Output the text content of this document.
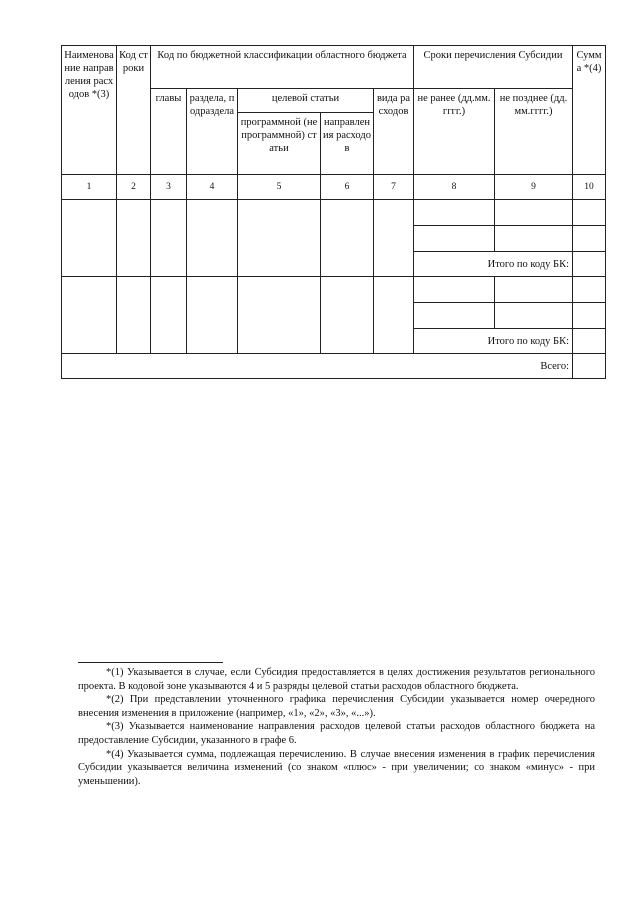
Наименование направления расходов *(3)	Код строки	Код по бюджетной классификации областного бюджета					Сроки перечисления Субсидии		Сумма *(4)
		главы	раздела, подраздела	целевой статьи		вида расходов	не ранее (дд.мм.гггг.)	не позднее (дд.мм.гггг.)	
				программной (непрограммной) статьи	направления расходов				
1	2	3	4	5	6	7	8	9	10

							Итого по коду БК:		

							Итого по коду БК:		
Всего:									

*(1) Указывается в случае, если Субсидия предоставляется в целях достижения результатов регионального проекта. В кодовой зоне указываются 4 и 5 разряды целевой статьи расходов областного бюджета.

*(2) При представлении уточненного графика перечисления Субсидии указывается номер очередного внесения изменения в приложение (например, «1», «2», «3», «...»).

*(3) Указывается наименование направления расходов целевой статьи расходов областного бюджета на предоставление Субсидии, указанного в графе 6.

*(4) Указывается сумма, подлежащая перечислению. В случае внесения изменения в график перечисления Субсидии указывается величина изменений (со знаком «плюс» - при увеличении; со знаком «минус» - при уменьшении).
